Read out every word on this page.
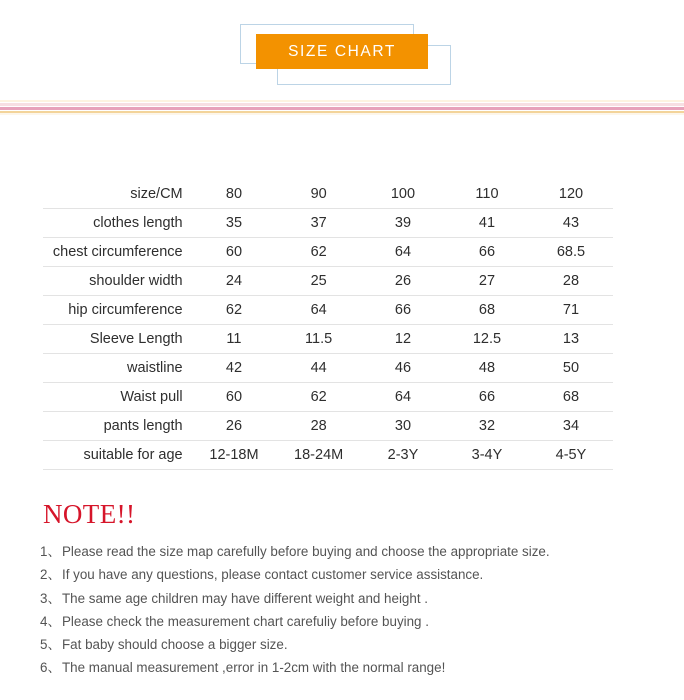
SIZE CHART
size/CM	80	90	100	110	120
clothes length	35	37	39	41	43
chest circumference	60	62	64	66	68.5
shoulder width	24	25	26	27	28
hip circumference	62	64	66	68	71
Sleeve Length	11	11.5	12	12.5	13
waistline	42	44	46	48	50
Waist pull	60	62	64	66	68
pants length	26	28	30	32	34
suitable for age	12-18M	18-24M	2-3Y	3-4Y	4-5Y
NOTE!!
1、 Please read the size map carefully before buying and choose the appropriate size.
2、 If you have any questions, please contact customer service assistance.
3、 The same age children may have different weight and height .
4、 Please check the measurement chart carefuliy before buying .
5、 Fat baby should choose a bigger size.
6、 The manual measurement ,error in 1-2cm with the normal range!
